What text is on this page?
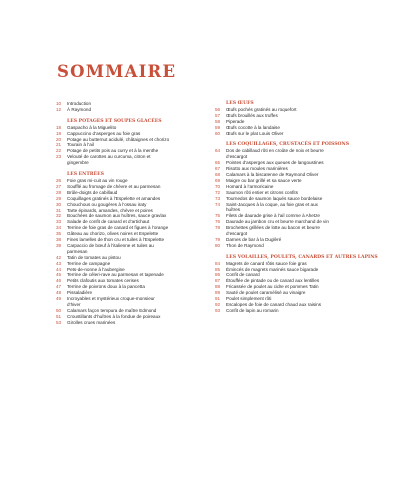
SOMMAIRE
10	Introduction
12	À Raymond
LES POTAGES ET SOUPES GLACÉES
18	Gaspacho à la Miguelito
18	Cappuccino d’asperges au foie gras
20	Potage au butternut acidulé, châtaignes et chorizo
21	Tourain à l’ail
22	Potage de petits pois au curry et à la menthe
23	Velouté de carottes au curcuma, citron et
gingembre
LES ENTRÉES
26	Foie gras mi-cuit au vin rouge
27	Soufflé au fromage de chèvre et au parmesan
28	Brûle-doigts de cabillaud
29	Coquillages gratinés à l’Espelette et amandes
30	Chouchous ou gougères à l’ossau iraty
31	Tarte épinards, amandes, chèvre et poires
32	Bouchées de saumon aux huîtres, sauce gravlax
33	Salade de confit de canard et d’artichaut
34	Terrine de foie gras de canard et figues à l’orange
35	Gâteau au chorizo, olives noires et Espelette
38	Fines lamelles de thon cru et tuiles à l’Espelette
39	Carpaccio de bœuf à l’italienne et tuiles au
parmesan
42	Tatin de tomates au pistou
43	Terrine de campagne
44	Pets-de-nonne à l’aubergine
45	Terrine de céleri-rave au parmesan et tapenade
46	Petits clafoutis aux tomates cerises
47	Terrine de poivrons doux à la pancetta
48	Pissaladière
49	Incroyables et mystérieux croque-monsieur
d’hiver
50	Calamars façon tempura de maître Edmond
51	Croustillants d’huîtres à la fondue de poireaux
53	Girolles crues marinées
LES ŒUFS
56	Œufs pochés gratinés au roquefort
57	Œufs brouillés aux truffes
58	Piperade
59	Œufs cocotte à la landaise
60	Œufs sur le plat Louis Oliver
LES COQUILLAGES, CRUSTACÉS ET POISSONS
64	Dos de cabillaud rôti en croûte de noix et beurre
d’escargot
65	Pointes d’asperges aux queues de langoustines
67	Risotto aux moules marinières
68	Calamars à la biscaïenne de Raymond Oliver
69	Maigre ou bar grillé et sa sauce verte
70	Homard à l’armoricaine
72	Saumon rôti entier et citrons confits
73	Tournedos de saumon laqués sauce bordelaise
74	Saint-Jacques à la coque, au foie gras et aux
huîtres
75	Filets de daurade grise à l’ail comme à Ahetze
76	Daurade au jambon cru et beurre marchand de vin
78	Brochettes grillées de lotte au bacon et beurre
d’escargot
79	Darnes de bar à la Duglèré
80	Thon de Raymond
LES VOLAILLES, POULETS, CANARDS ET AUTRES LAPINS
84	Magrets de canard rôtis sauce foie gras
85	Émincés de magrets marinés sauce bigarade
86	Confit de canard
87	Étouffée de pintade ou de canard aux lentilles
88	Fricassée de poulet au cidre et pommes Tatin
89	Sauté de poulet caramélisé au vinaigre
91	Poulet simplement rôti
92	Escalopes de foie de canard chaud aux raisins
93	Confit de lapin au romarin
